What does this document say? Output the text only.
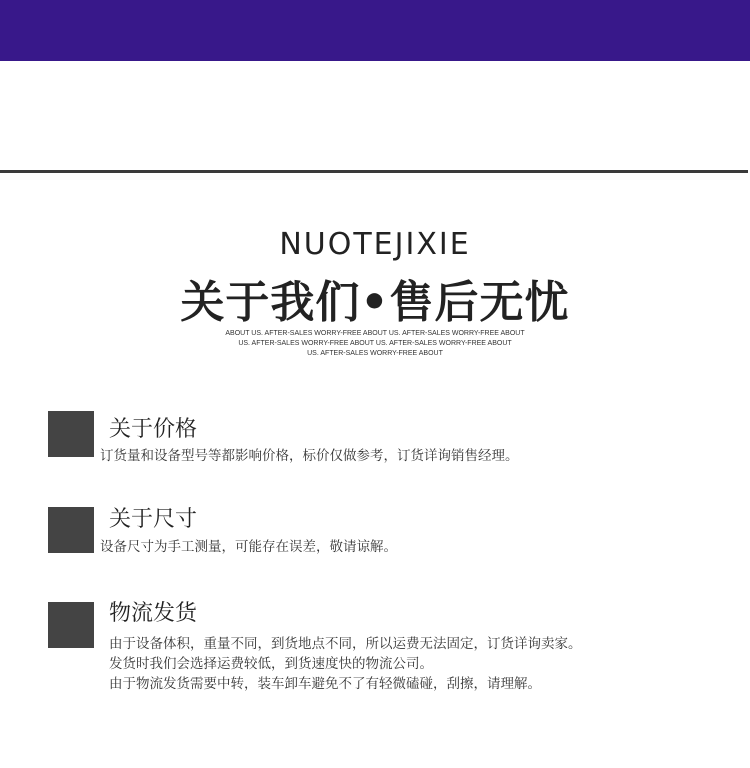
NUOTEJIXIE
关于我们•售后无忧
ABOUT US. AFTER-SALES WORRY-FREE ABOUT US. AFTER-SALES WORRY-FREE ABOUT
US. AFTER-SALES WORRY-FREE ABOUT US. AFTER-SALES WORRY-FREE ABOUT
US. AFTER-SALES WORRY-FREE ABOUT
关于价格
订货量和设备型号等都影响价格，标价仅做参考，订货详询销售经理。
关于尺寸
设备尺寸为手工测量，可能存在误差，敬请谅解。
物流发货
由于设备体积，重量不同，到货地点不同，所以运费无法固定，订货详询卖家。
发货时我们会选择运费较低，到货速度快的物流公司。
由于物流发货需要中转，装车卸车避免不了有轻微磕碰，刮擦，请理解。
